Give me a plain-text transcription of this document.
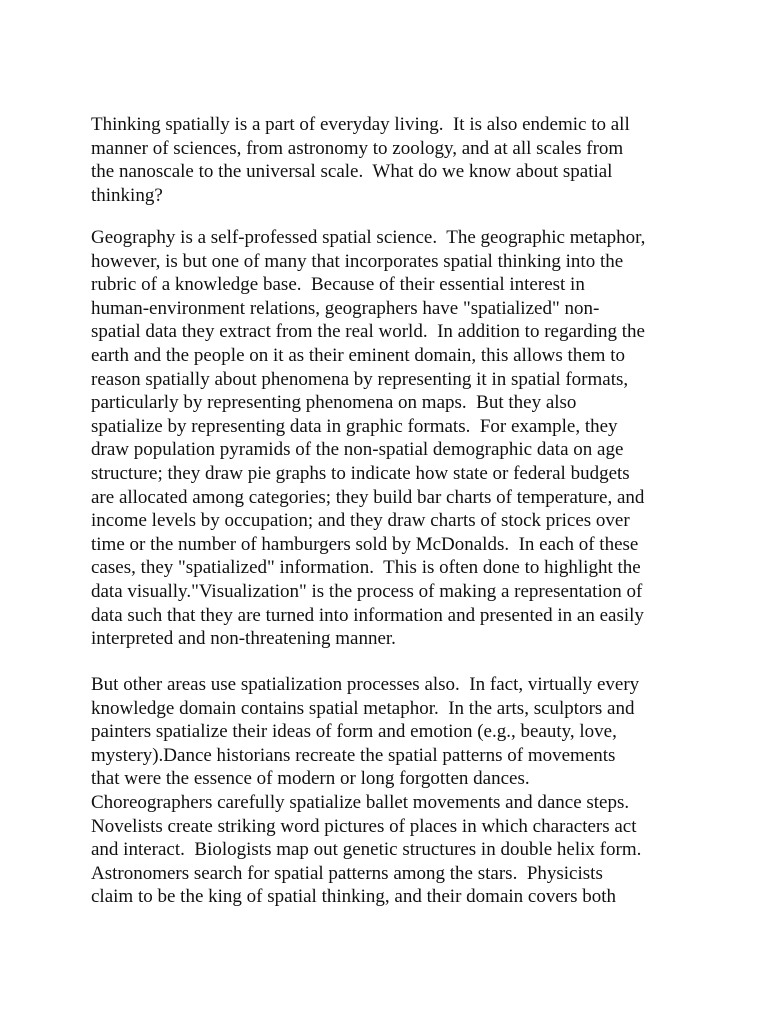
Thinking spatially is a part of everyday living.  It is also endemic to all
manner of sciences, from astronomy to zoology, and at all scales from
the nanoscale to the universal scale.  What do we know about spatial
thinking?
Geography is a self-professed spatial science.  The geographic metaphor,
however, is but one of many that incorporates spatial thinking into the
rubric of a knowledge base.  Because of their essential interest in
human-environment relations, geographers have "spatialized" non-
spatial data they extract from the real world.  In addition to regarding the
earth and the people on it as their eminent domain, this allows them to
reason spatially about phenomena by representing it in spatial formats,
particularly by representing phenomena on maps.  But they also
spatialize by representing data in graphic formats.  For example, they
draw population pyramids of the non-spatial demographic data on age
structure; they draw pie graphs to indicate how state or federal budgets
are allocated among categories; they build bar charts of temperature, and
income levels by occupation; and they draw charts of stock prices over
time or the number of hamburgers sold by McDonalds.  In each of these
cases, they "spatialized" information.  This is often done to highlight the
data visually."Visualization" is the process of making a representation of
data such that they are turned into information and presented in an easily
interpreted and non-threatening manner.
But other areas use spatialization processes also.  In fact, virtually every
knowledge domain contains spatial metaphor.  In the arts, sculptors and
painters spatialize their ideas of form and emotion (e.g., beauty, love,
mystery).Dance historians recreate the spatial patterns of movements
that were the essence of modern or long forgotten dances.
Choreographers carefully spatialize ballet movements and dance steps.
Novelists create striking word pictures of places in which characters act
and interact.  Biologists map out genetic structures in double helix form.
Astronomers search for spatial patterns among the stars.  Physicists
claim to be the king of spatial thinking, and their domain covers both
